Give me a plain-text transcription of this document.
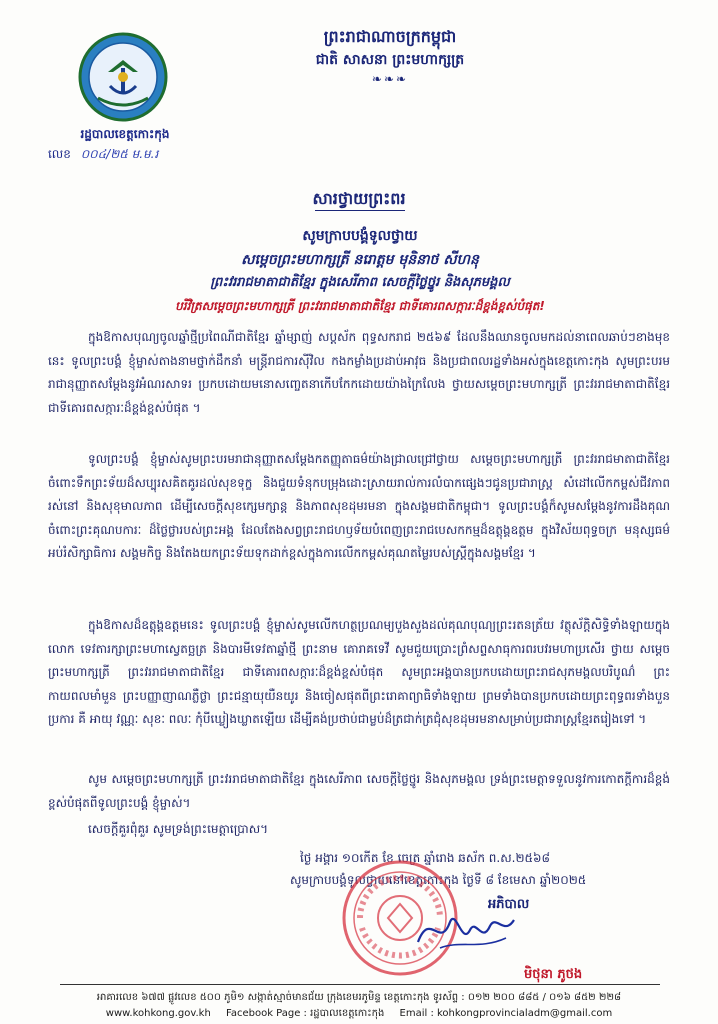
រដ្ឋបាលខេត្តកោះកុង
លេខ ០០៤/២៥ ម.ម.រ
ព្រះរាជាណាចក្រកម្ពុជា
ជាតិ សាសនា ព្រះមហាក្សត្រ
❧❧❧
សារថ្វាយព្រះពរ
សូមក្រាបបង្គំទូលថ្វាយ
សម្តេចព្រះមហាក្សត្រី នរោត្តម មុនិនាថ សីហនុ
ព្រះវររាជមាតាជាតិខ្មែរ ក្នុងសេរីភាព សេចក្តីថ្លៃថ្នូរ និងសុភមង្គល
បរិវិត្រសម្តេចព្រះមហាក្សត្រី ព្រះវររាជមាតាជាតិខ្មែរ ជាទីគោរពសក្ការៈដ៏ខ្ពង់ខ្ពស់បំផុត!
ក្នុងឱកាសបុណ្យចូលឆ្នាំថ្មីប្រពៃណីជាតិខ្មែរ ឆ្នាំម្សាញ់ សប្តស័ក ពុទ្ធសករាជ ២៥៦៩ ដែលនឹងឈានចូលមកដល់នាពេលឆាប់ៗខាងមុខនេះ ទូលព្រះបង្គំ ខ្ញុំម្ចាស់តាងនាមថ្នាក់ដឹកនាំ មន្ត្រីរាជការស៊ីវិល កងកម្លាំងប្រដាប់អាវុធ និងប្រជាពលរដ្ឋទាំងអស់ក្នុងខេត្តកោះកុង សូមព្រះបរមរាជានុញ្ញាតសម្តែងនូវអំណរសាទរ ប្រកបដោយមនោសញ្ចេតនាកើបកែកដោយយ៉ាងក្រៃលែង ថ្វាយសម្តេចព្រះមហាក្សត្រី ព្រះវររាជមាតាជាតិខ្មែរ ជាទីគោរពសក្ការៈដ៏ខ្ពង់ខ្ពស់បំផុត ។
ទូលព្រះបង្គំ ខ្ញុំម្ចាស់សូមព្រះបរមរាជានុញ្ញាតសម្តែងកតញ្ញុតាធម៌យ៉ាងជ្រាលជ្រៅថ្វាយ សម្តេចព្រះមហាក្សត្រី ព្រះវររាជមាតាជាតិខ្មែរ ចំពោះទឹកព្រះទ័យដ៏សប្បុរសគិតគូរដល់សុខទុក្ខ និងជួយទំនុកបម្រុងដោះស្រាយរាល់ការលំបាកផ្សេងៗជូនប្រជារាស្ត្រ សំដៅលើកកម្ពស់ជីវភាពរស់នៅ និងសុខុមាលភាព ដើម្បីសេចក្តីសុខក្សេមក្សាន្ត និងភាពសុខដុមរមនា ក្នុងសង្គមជាតិកម្ពុជា។ ទូលព្រះបង្គំក៏សូមសម្តែងនូវការដឹងគុណចំពោះព្រះគុណបការៈ ដ៏ថ្លៃថ្លារបស់ព្រះអង្គ ដែលតែងសព្វព្រះរាជហឫទ័យបំពេញព្រះរាជបេសកកម្មដ៏ឧត្តុង្គឧត្តម ក្នុងវិស័យពុទ្ធចក្រ មនុស្សធម៌ អប់រំសិក្សាធិការ សង្គមកិច្ច និងតែងយកព្រះទ័យទុកដាក់ខ្ពស់ក្នុងការលើកកម្ពស់គុណតម្លៃរបស់ស្ត្រីក្នុងសង្គមខ្មែរ ។
ក្នុងឱកាសដ៏ឧត្តុង្គឧត្តមនេះ ទូលព្រះបង្គំ ខ្ញុំម្ចាស់សូមលើកហត្ថប្រណម្យបួងសួងដល់គុណបុណ្យព្រះរតនត្រ័យ វត្ថុស័ក្តិសិទ្ធិទាំងឡាយក្នុងលោក ទេវតារក្សាព្រះមហាស្វេតច្ឆត្រ និងបារមីទេវតាឆ្នាំថ្មី ព្រះនាម គោរាគទេវី សូមជួយប្រោះព្រំសព្ទសាធុការពរបវរមហាប្រសើរ ថ្វាយ សម្តេចព្រះមហាក្សត្រី ព្រះវររាជមាតាជាតិខ្មែរ ជាទីគោរពសក្ការៈដ៏ខ្ពង់ខ្ពស់បំផុត សូមព្រះអង្គបានប្រកបដោយព្រះរាជសុភមង្គលបរិបូណ៌ ព្រះកាយពលមាំមួន ព្រះបញ្ញាញាណភ្លឺថ្លា ព្រះជន្មាយុយឺនយូរ និងចៀសផុតពីព្រះរោគាព្យាធិទាំងឡាយ ព្រមទាំងបានប្រកបដោយព្រះពុទ្ធពរទាំងបួនប្រការ គឺ អាយុ វណ្ណៈ សុខៈ ពលៈ កុំបីឃ្លៀងឃ្លាតឡើយ ដើម្បីគង់ប្រថាប់ជាម្លប់ដ៏ត្រជាក់ត្រជុំសុខដុមរមនាសម្រាប់ប្រជារាស្ត្រខ្មែរតរៀងទៅ ។
សូម សម្តេចព្រះមហាក្សត្រី ព្រះវររាជមាតាជាតិខ្មែរ ក្នុងសេរីភាព សេចក្តីថ្លៃថ្នូរ និងសុភមង្គល ទ្រង់ព្រះមេត្តាទទួលនូវការកោតក្តីការដ៏ខ្ពង់ខ្ពស់បំផុតពីទូលព្រះបង្គំ ខ្ញុំម្ចាស់។
សេចក្តីគួរពុំគួរ សូមទ្រង់ព្រះមេត្តាប្រោស។
ថ្ងៃ អង្គារ ១០កើត ខែ ចេត្រ ឆ្នាំរោង ឆស័ក ព.ស.២៥៦៨
សូមក្រាបបង្គំទូលថ្វាយនៅខេត្តកោះកុង ថ្ងៃទី ៨ ខែមេសា ឆ្នាំ២០២៥
អភិបាល
មិថុនា ភូថង
អាគារលេខ ៦៧៧ ផ្លូវលេខ ៥០០ ភូមិ១ សង្កាត់ស្មាច់មានជ័យ ក្រុងខេមរភូមិន្ទ ខេត្តកោះកុង ទូរស័ព្ទ : ០១២ ២០០ ៨៨៥ / ០១៦ ៨៥២ ២២៨
www.kohkong.gov.kh Facebook Page : រដ្ឋបាលខេត្តកោះកុង Email : kohkongprovincialadm@gmail.com
